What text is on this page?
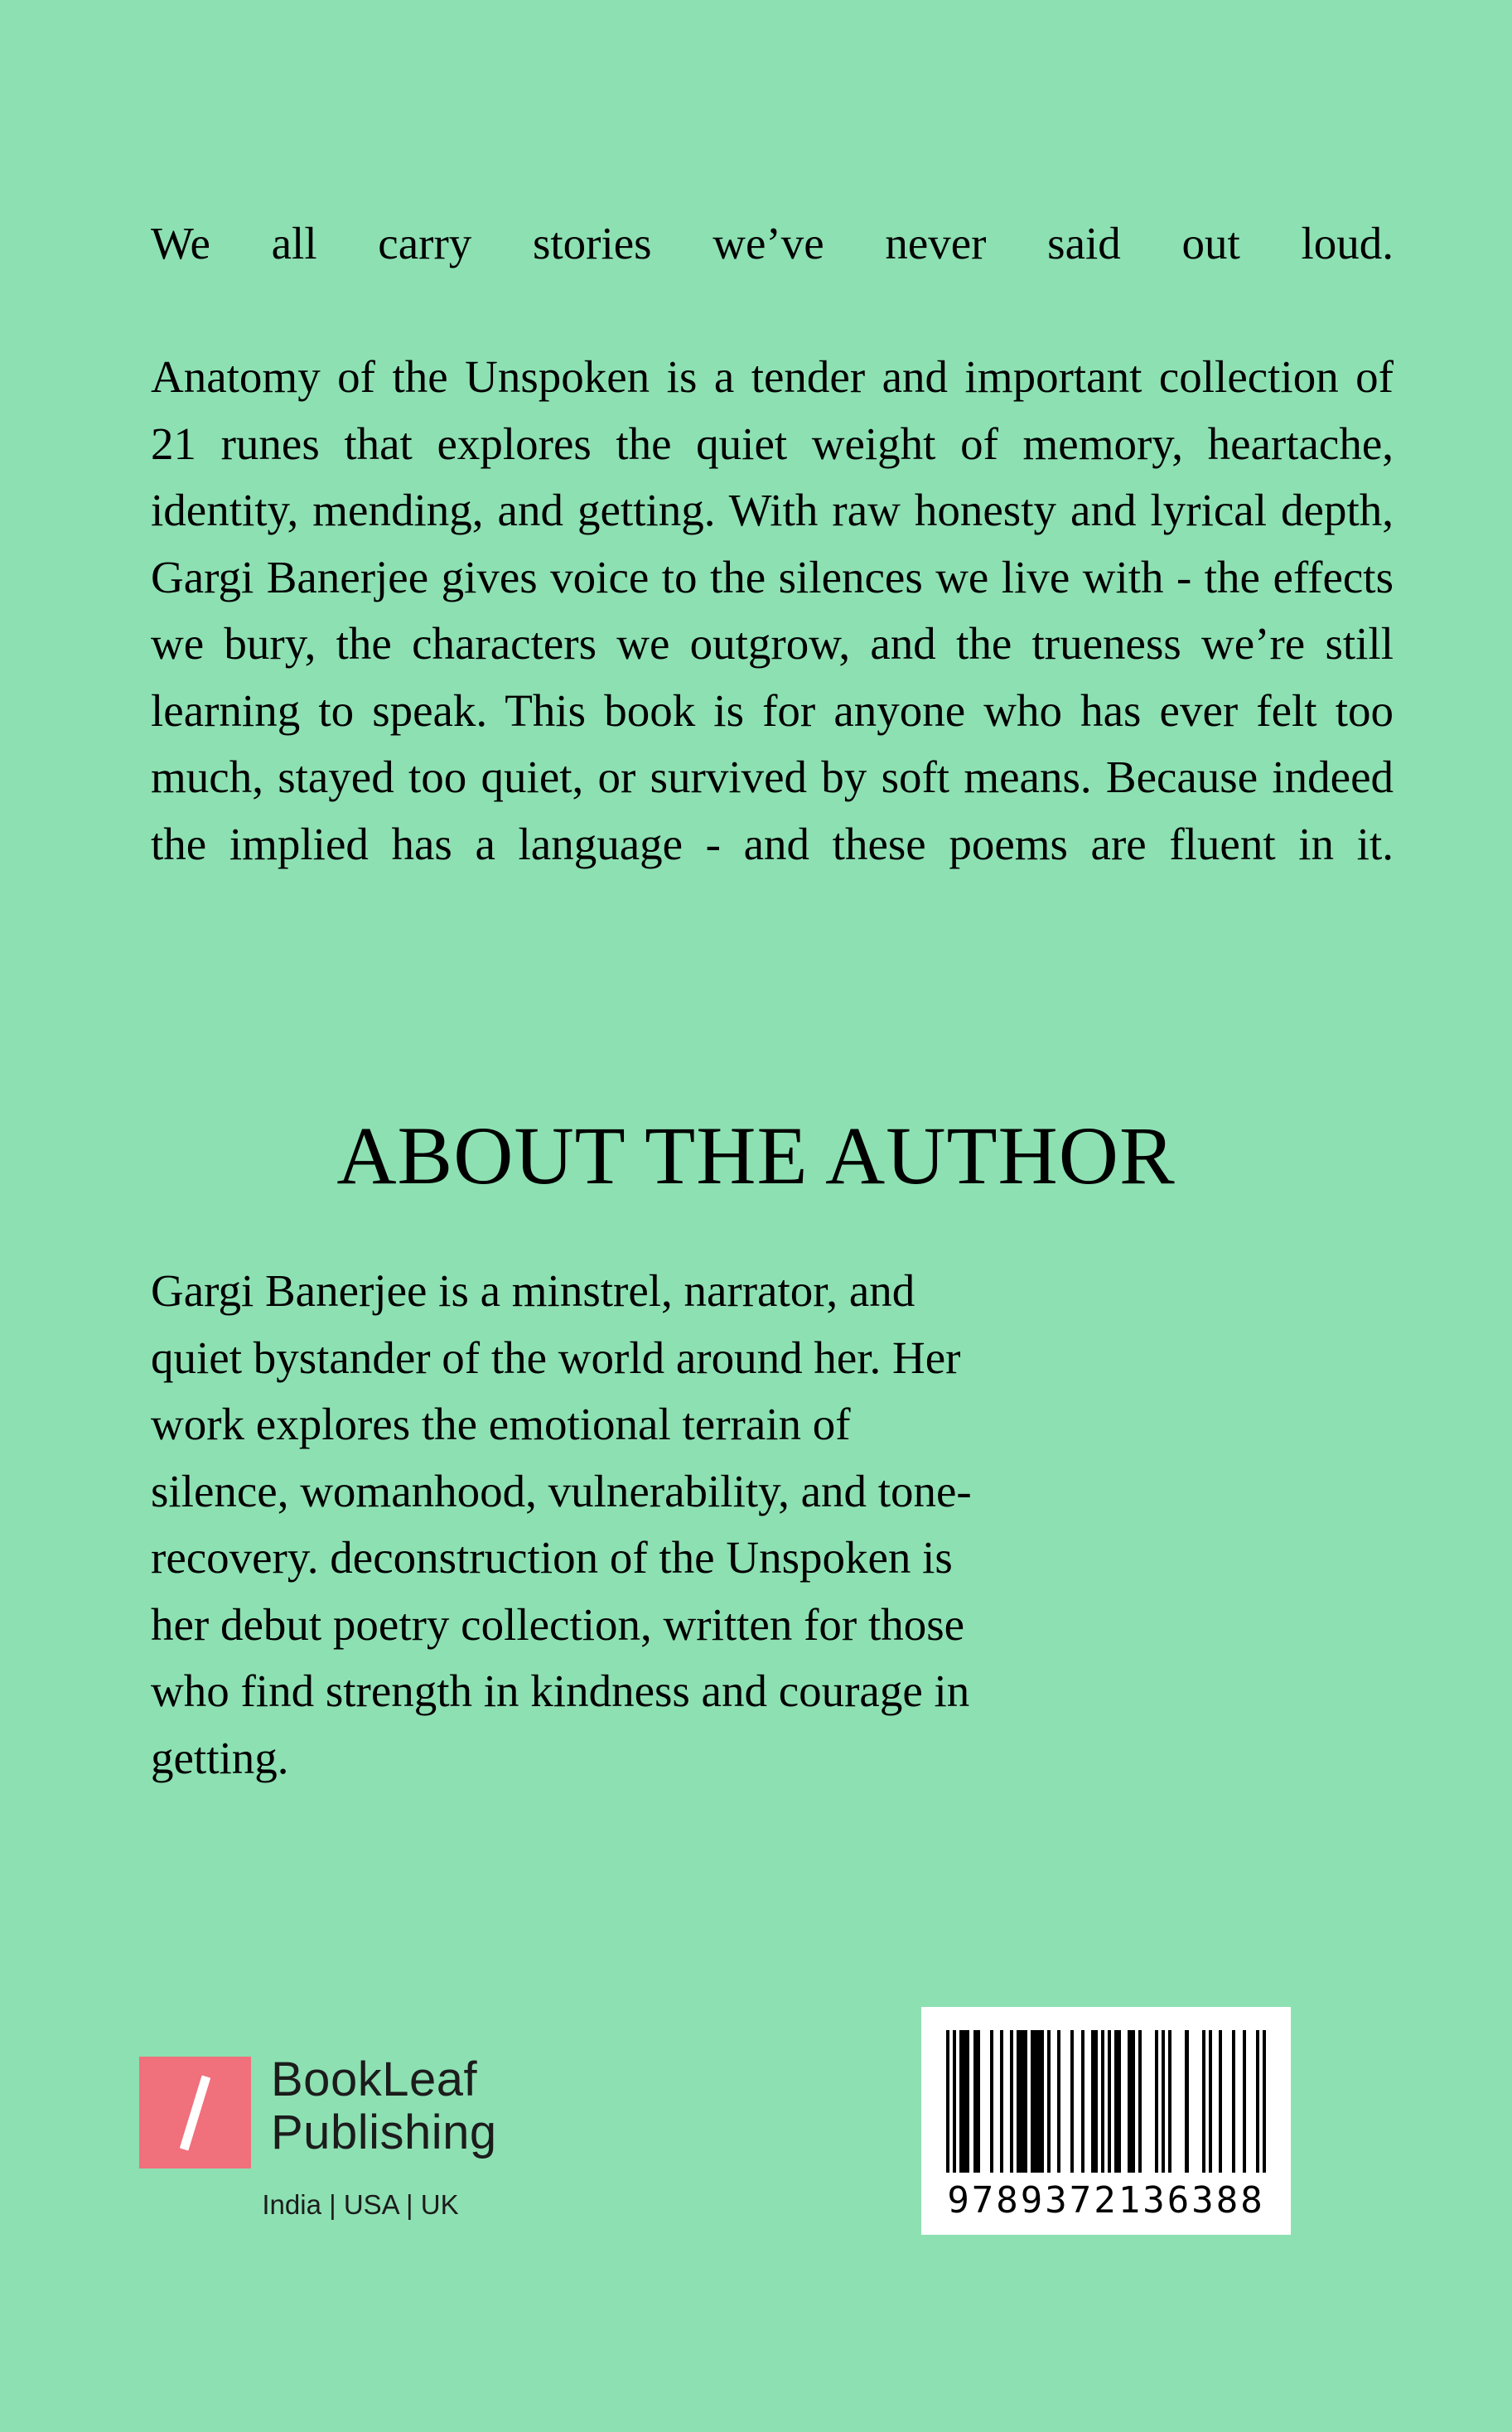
We all carry stories we’ve never said out loud.
Anatomy of the Unspoken is a tender and important collection of 21 runes that explores the quiet weight of memory, heartache, identity, mending, and getting. With raw honesty and lyrical depth, Gargi Banerjee gives voice to the silences we live with - the effects we bury, the characters we outgrow, and the trueness we’re still learning to speak. This book is for anyone who has ever felt too much, stayed too quiet, or survived by soft means. Because indeed the implied has a language - and these poems are fluent in it.
ABOUT THE AUTHOR
Gargi Banerjee is a minstrel, narrator, and quiet bystander of the world around her. Her work explores the emotional terrain of silence, womanhood, vulnerability, and tone-recovery. deconstruction of the Unspoken is her debut poetry collection, written for those who find strength in kindness and courage in getting.
BookLeaf
Publishing
India | USA | UK	9789372136388
